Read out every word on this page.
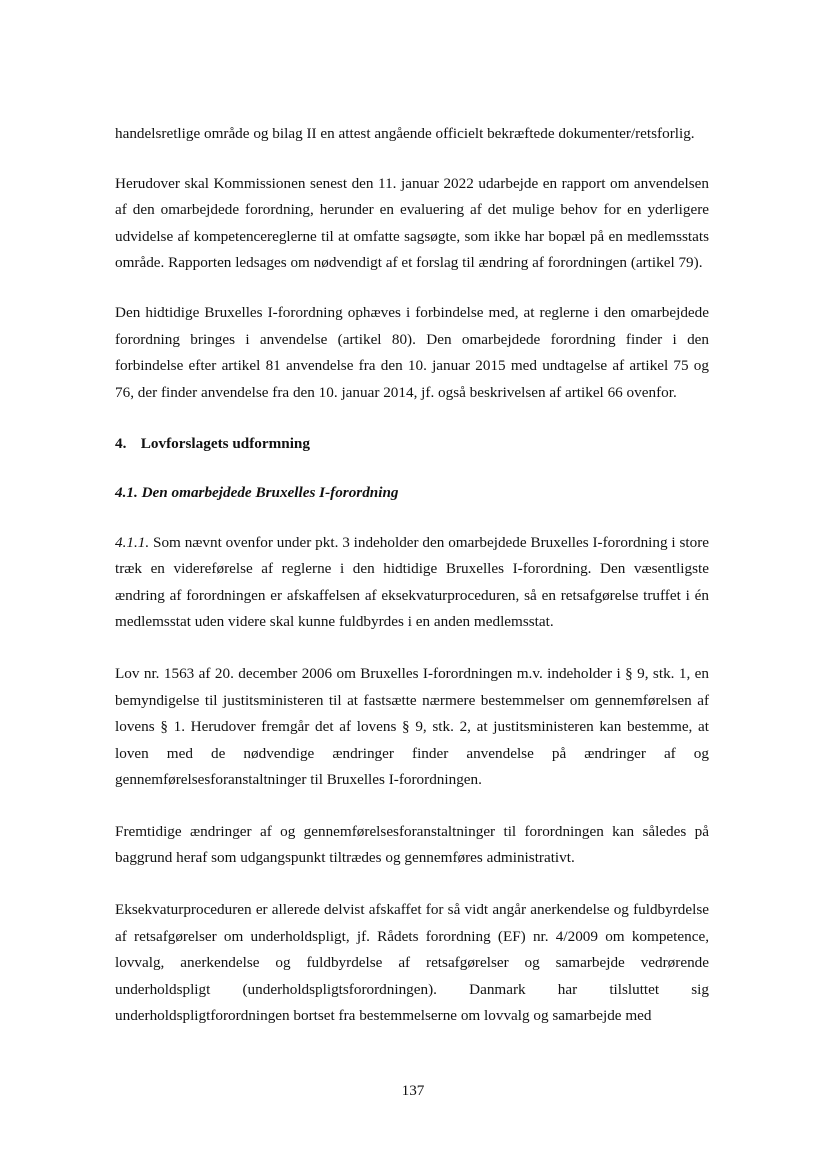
handelsretlige område og bilag II en attest angående officielt bekræftede dokumenter/retsforlig.

Herudover skal Kommissionen senest den 11. januar 2022 udarbejde en rapport om anvendelsen af den omarbejdede forordning, herunder en evaluering af det mulige behov for en yderligere udvidelse af kompetencereglerne til at omfatte sagsøgte, som ikke har bopæl på en medlemsstats område. Rapporten ledsages om nødvendigt af et forslag til ændring af forordningen (artikel 79).

Den hidtidige Bruxelles I-forordning ophæves i forbindelse med, at reglerne i den omarbejdede forordning bringes i anvendelse (artikel 80). Den omarbejdede forordning finder i den forbindelse efter artikel 81 anvendelse fra den 10. januar 2015 med undtagelse af artikel 75 og 76, der finder anvendelse fra den 10. januar 2014, jf. også beskrivelsen af artikel 66 ovenfor.

4. Lovforslagets udformning
4.1. Den omarbejdede Bruxelles I-forordning

4.1.1. Som nævnt ovenfor under pkt. 3 indeholder den omarbejdede Bruxelles I-forordning i store træk en videreførelse af reglerne i den hidtidige Bruxelles I-forordning. Den væsentligste ændring af forordningen er afskaffelsen af eksekvaturproceduren, så en retsafgørelse truffet i én medlemsstat uden videre skal kunne fuldbyrdes i en anden medlemsstat.

Lov nr. 1563 af 20. december 2006 om Bruxelles I-forordningen m.v. indeholder i § 9, stk. 1, en bemyndigelse til justitsministeren til at fastsætte nærmere bestemmelser om gennemførelsen af lovens § 1. Herudover fremgår det af lovens § 9, stk. 2, at justitsministeren kan bestemme, at loven med de nødvendige ændringer finder anvendelse på ændringer af og gennemførelsesforanstaltninger til Bruxelles I-forordningen.

Fremtidige ændringer af og gennemførelsesforanstaltninger til forordningen kan således på baggrund heraf som udgangspunkt tiltrædes og gennemføres administrativt.

Eksekvaturproceduren er allerede delvist afskaffet for så vidt angår anerkendelse og fuldbyrdelse af retsafgørelser om underholdspligt, jf. Rådets forordning (EF) nr. 4/2009 om kompetence, lovvalg, anerkendelse og fuldbyrdelse af retsafgørelser og samarbejde vedrørende underholdspligt (underholdspligtsforordningen). Danmark har tilsluttet sig underholdspligtforordningen bortset fra bestemmelserne om lovvalg og samarbejde med

137
